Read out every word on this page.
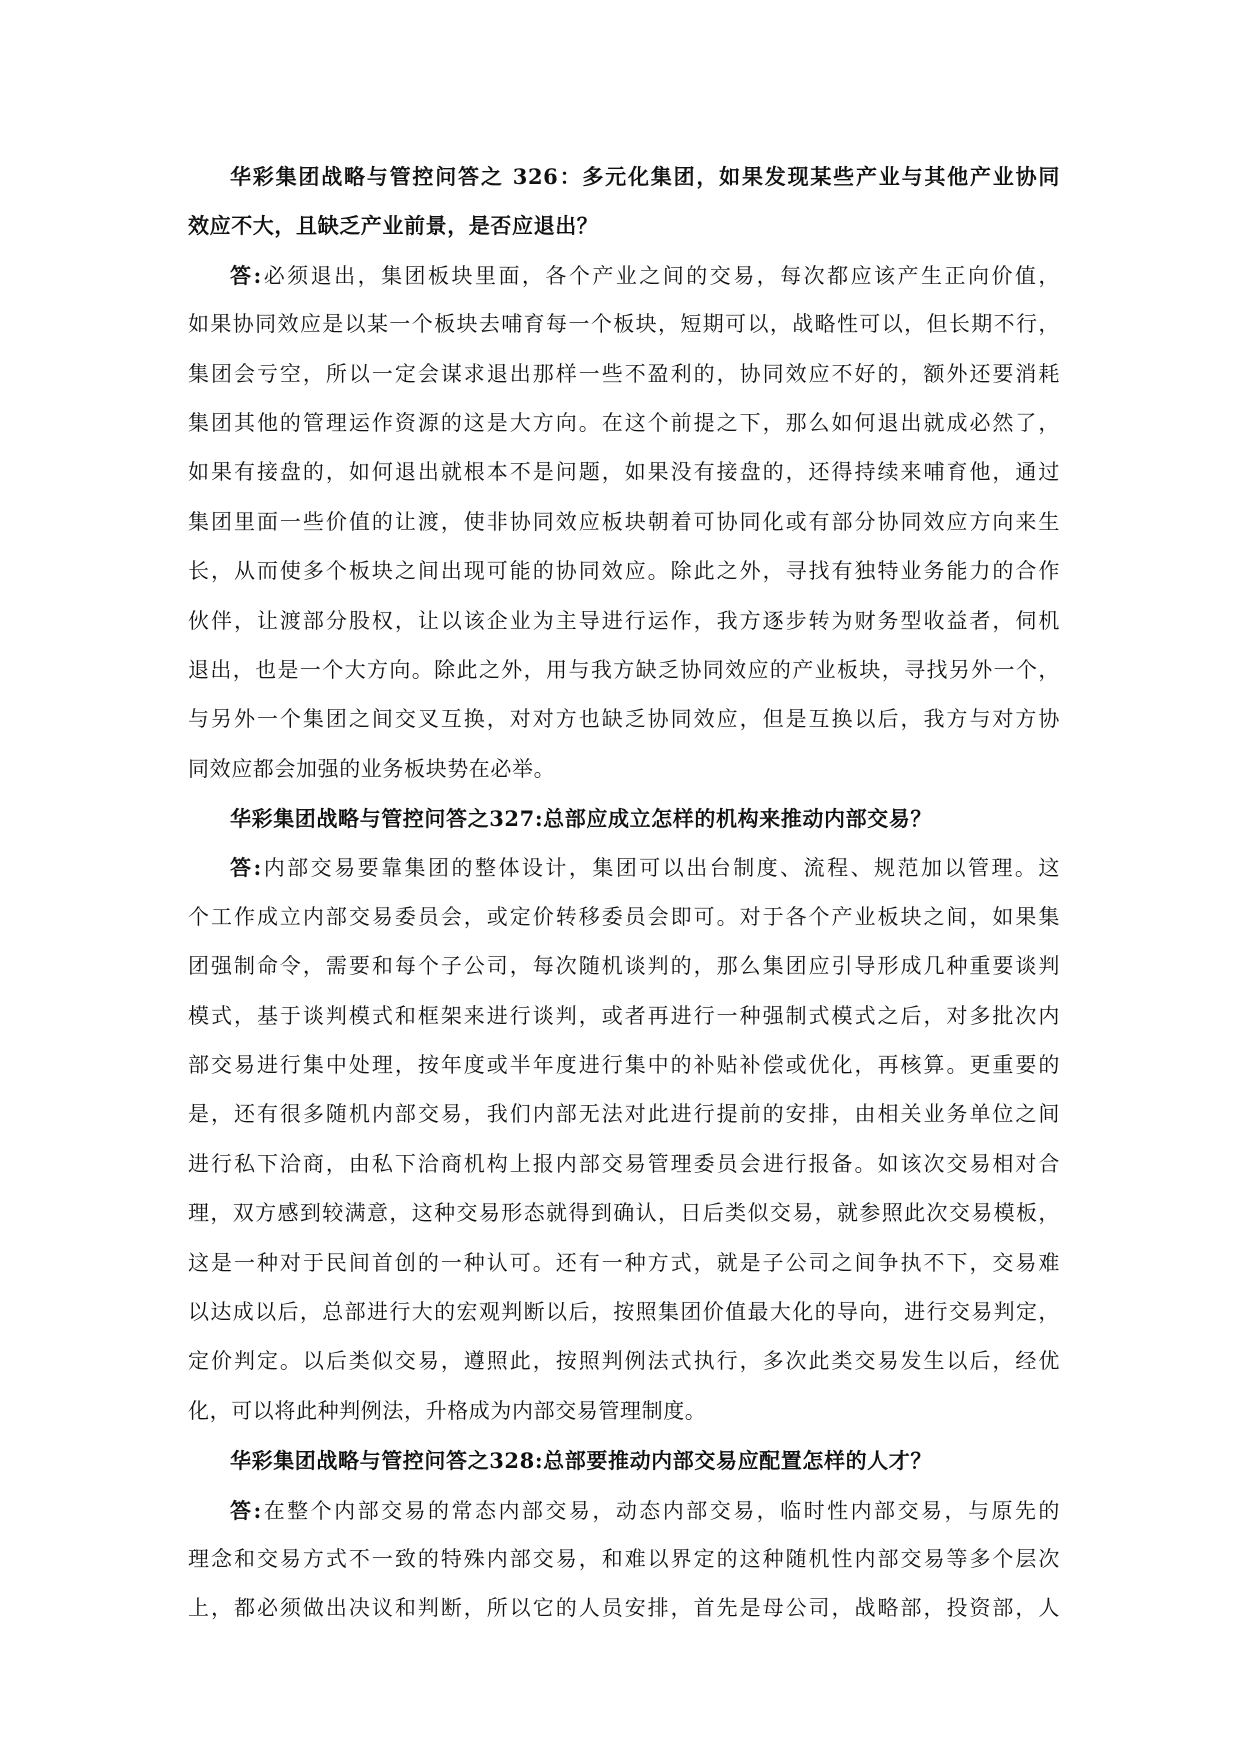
华彩集团战略与管控问答之 326：多元化集团，如果发现某些产业与其他产业协同
效应不大，且缺乏产业前景，是否应退出？
答:必须退出，集团板块里面，各个产业之间的交易，每次都应该产生正向价值，
如果协同效应是以某一个板块去哺育每一个板块，短期可以，战略性可以，但长期不行，
集团会亏空，所以一定会谋求退出那样一些不盈利的，协同效应不好的，额外还要消耗
集团其他的管理运作资源的这是大方向。在这个前提之下，那么如何退出就成必然了，
如果有接盘的，如何退出就根本不是问题，如果没有接盘的，还得持续来哺育他，通过
集团里面一些价值的让渡，使非协同效应板块朝着可协同化或有部分协同效应方向来生
长，从而使多个板块之间出现可能的协同效应。除此之外，寻找有独特业务能力的合作
伙伴，让渡部分股权，让以该企业为主导进行运作，我方逐步转为财务型收益者，伺机
退出，也是一个大方向。除此之外，用与我方缺乏协同效应的产业板块，寻找另外一个，
与另外一个集团之间交叉互换，对对方也缺乏协同效应，但是互换以后，我方与对方协
同效应都会加强的业务板块势在必举。
华彩集团战略与管控问答之327:总部应成立怎样的机构来推动内部交易？
答:内部交易要靠集团的整体设计，集团可以出台制度、流程、规范加以管理。这
个工作成立内部交易委员会，或定价转移委员会即可。对于各个产业板块之间，如果集
团强制命令，需要和每个子公司，每次随机谈判的，那么集团应引导形成几种重要谈判
模式，基于谈判模式和框架来进行谈判，或者再进行一种强制式模式之后，对多批次内
部交易进行集中处理，按年度或半年度进行集中的补贴补偿或优化，再核算。更重要的
是，还有很多随机内部交易，我们内部无法对此进行提前的安排，由相关业务单位之间
进行私下洽商，由私下洽商机构上报内部交易管理委员会进行报备。如该次交易相对合
理，双方感到较满意，这种交易形态就得到确认，日后类似交易，就参照此次交易模板，
这是一种对于民间首创的一种认可。还有一种方式，就是子公司之间争执不下，交易难
以达成以后，总部进行大的宏观判断以后，按照集团价值最大化的导向，进行交易判定，
定价判定。以后类似交易，遵照此，按照判例法式执行，多次此类交易发生以后，经优
化，可以将此种判例法，升格成为内部交易管理制度。
华彩集团战略与管控问答之328:总部要推动内部交易应配置怎样的人才？
答:在整个内部交易的常态内部交易，动态内部交易，临时性内部交易，与原先的
理念和交易方式不一致的特殊内部交易，和难以界定的这种随机性内部交易等多个层次
上，都必须做出决议和判断，所以它的人员安排，首先是母公司，战略部，投资部，人
